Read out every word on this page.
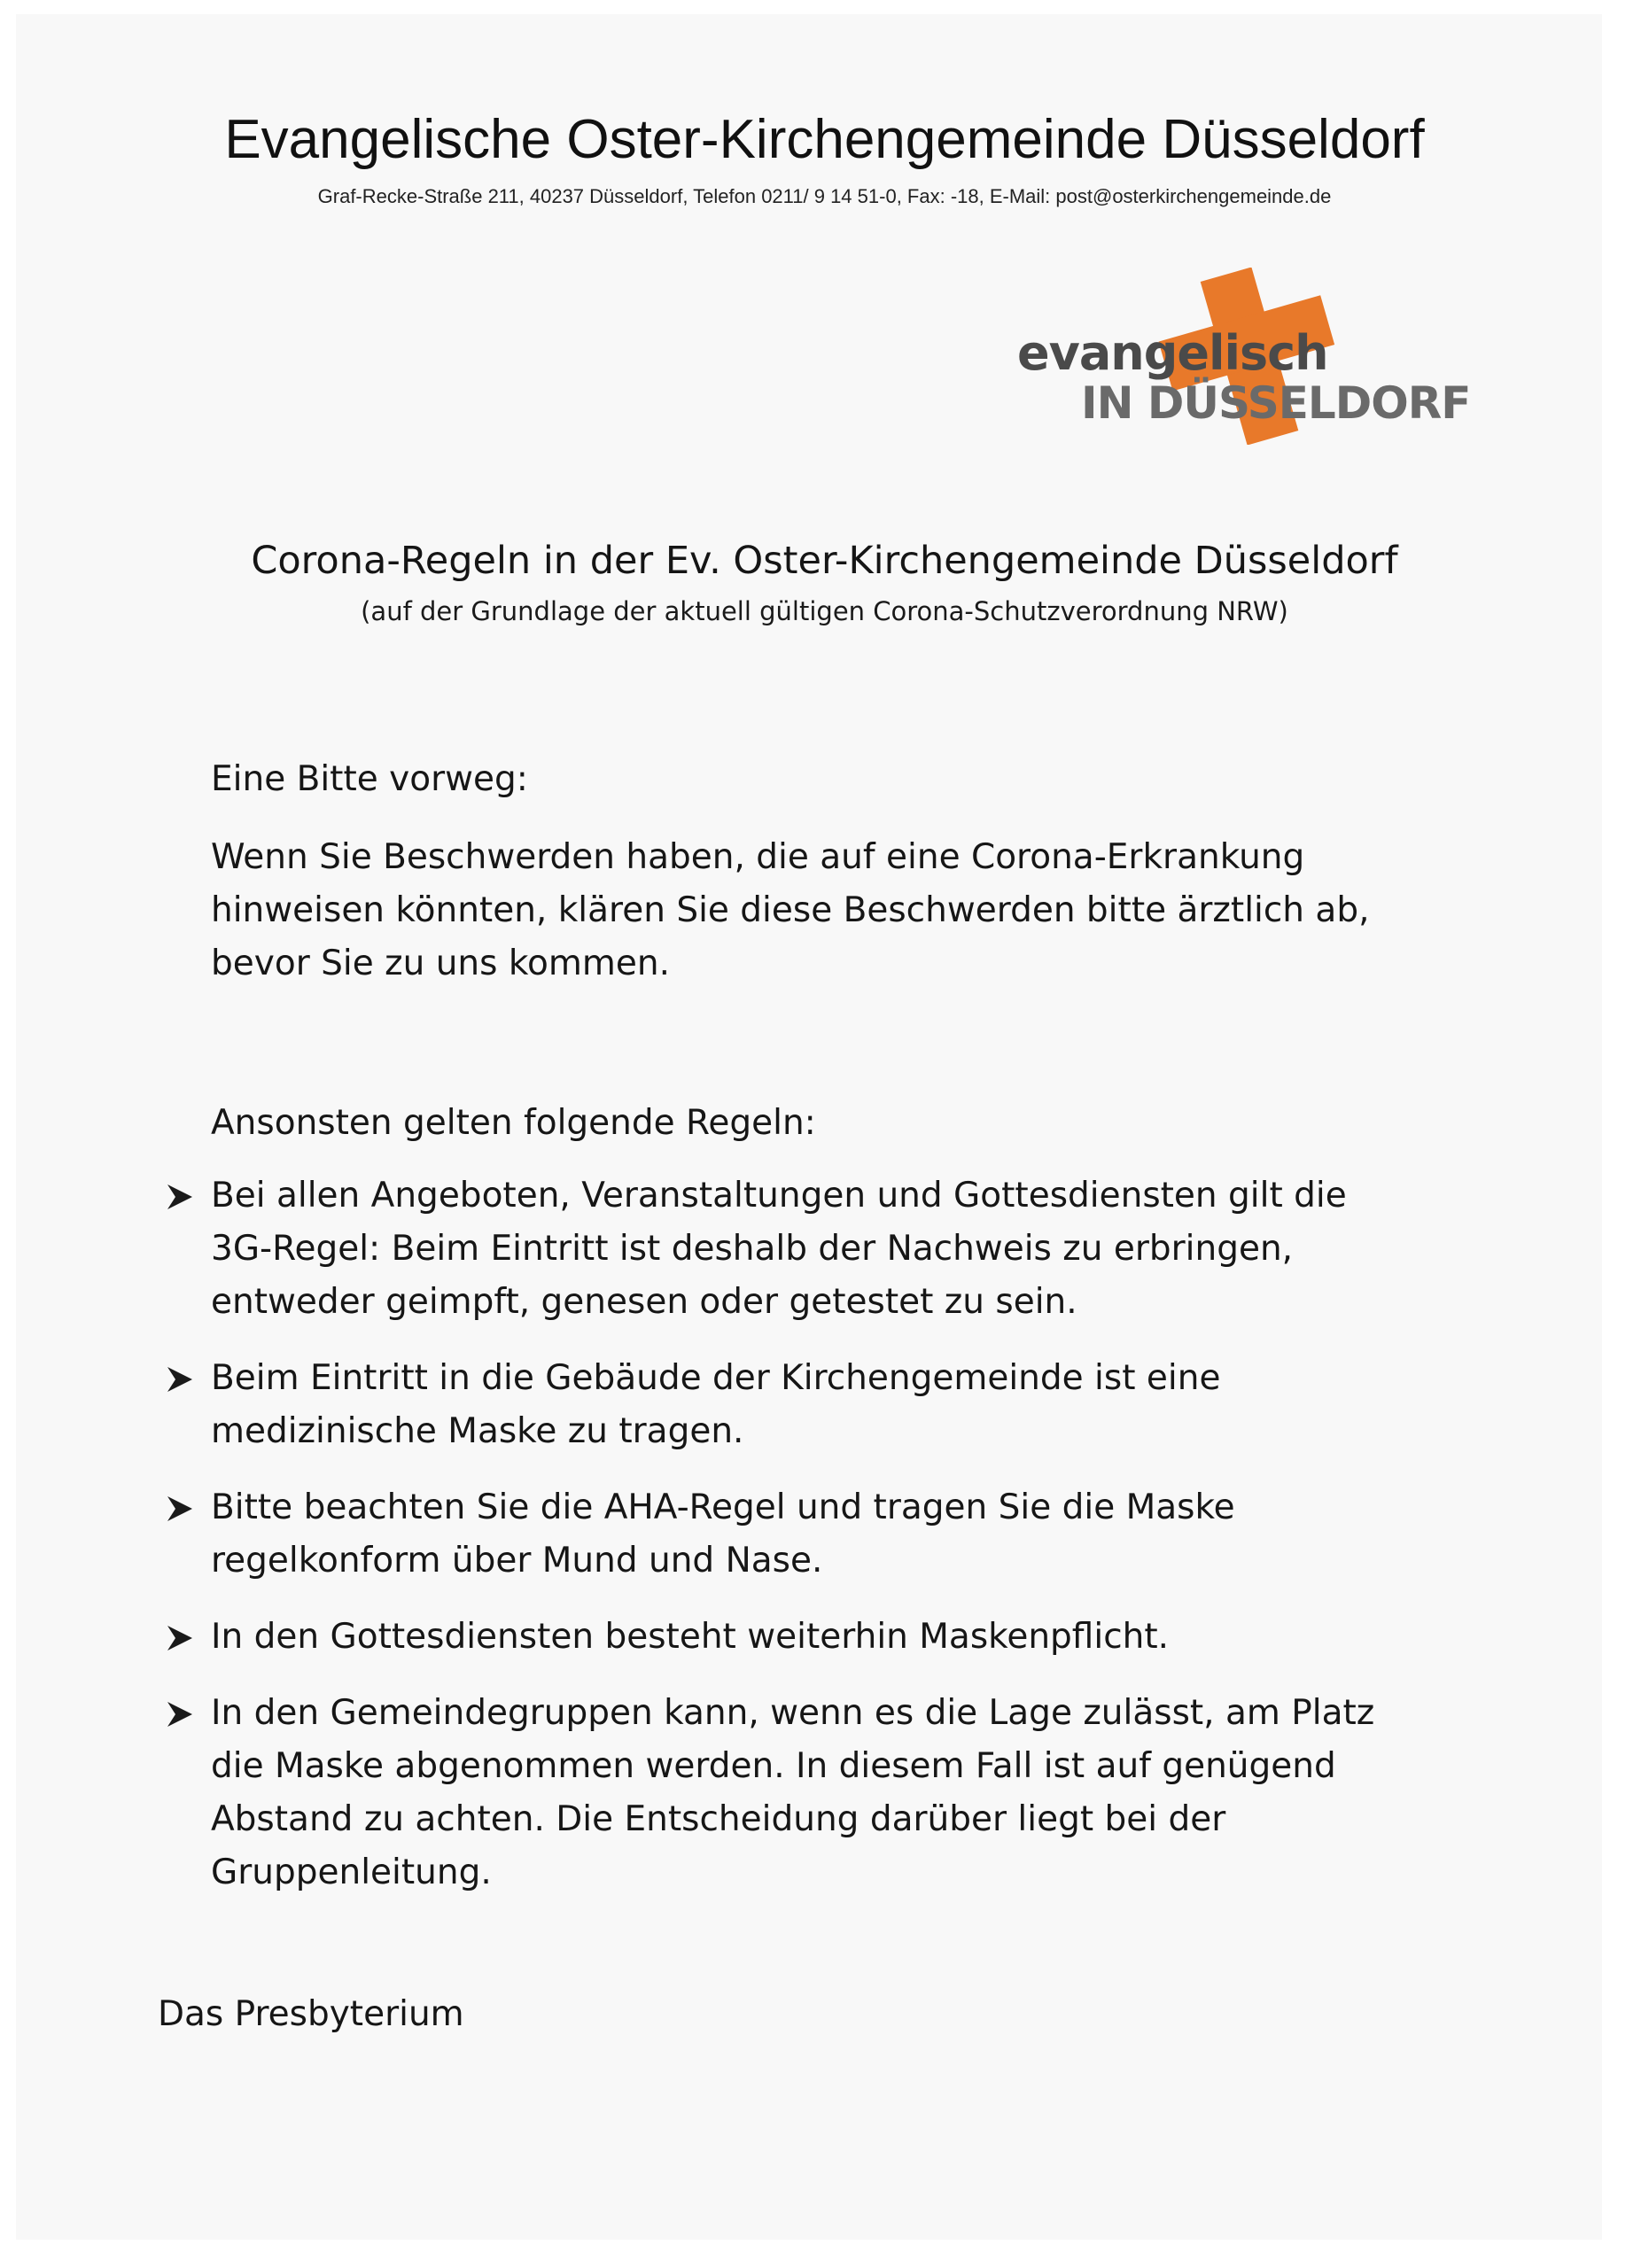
Evangelische Oster-Kirchengemeinde Düsseldorf
Graf-Recke-Straße 211, 40237 Düsseldorf, Telefon 0211/ 9 14 51-0, Fax: -18, E-Mail: post@osterkirchengemeinde.de
evangelisch
IN DÜSSELDORF
Corona-Regeln in der Ev. Oster-Kirchengemeinde Düsseldorf
(auf der Grundlage der aktuell gültigen Corona-Schutzverordnung NRW)
Eine Bitte vorweg:

Wenn Sie Beschwerden haben, die auf eine Corona-Erkrankung hinweisen könnten, klären Sie diese Beschwerden bitte ärztlich ab, bevor Sie zu uns kommen.

Ansonsten gelten folgende Regeln:
Bei allen Angeboten, Veranstaltungen und Gottesdiensten gilt die 3G-Regel: Beim Eintritt ist deshalb der Nachweis zu erbringen, entweder geimpft, genesen oder getestet zu sein.
Beim Eintritt in die Gebäude der Kirchengemeinde ist eine medizinische Maske zu tragen.
Bitte beachten Sie die AHA-Regel und tragen Sie die Maske regelkonform über Mund und Nase.
In den Gottesdiensten besteht weiterhin Maskenpflicht.
In den Gemeindegruppen kann, wenn es die Lage zulässt, am Platz die Maske abgenommen werden. In diesem Fall ist auf genügend Abstand zu achten. Die Entscheidung darüber liegt bei der Gruppenleitung.
Das Presbyterium
